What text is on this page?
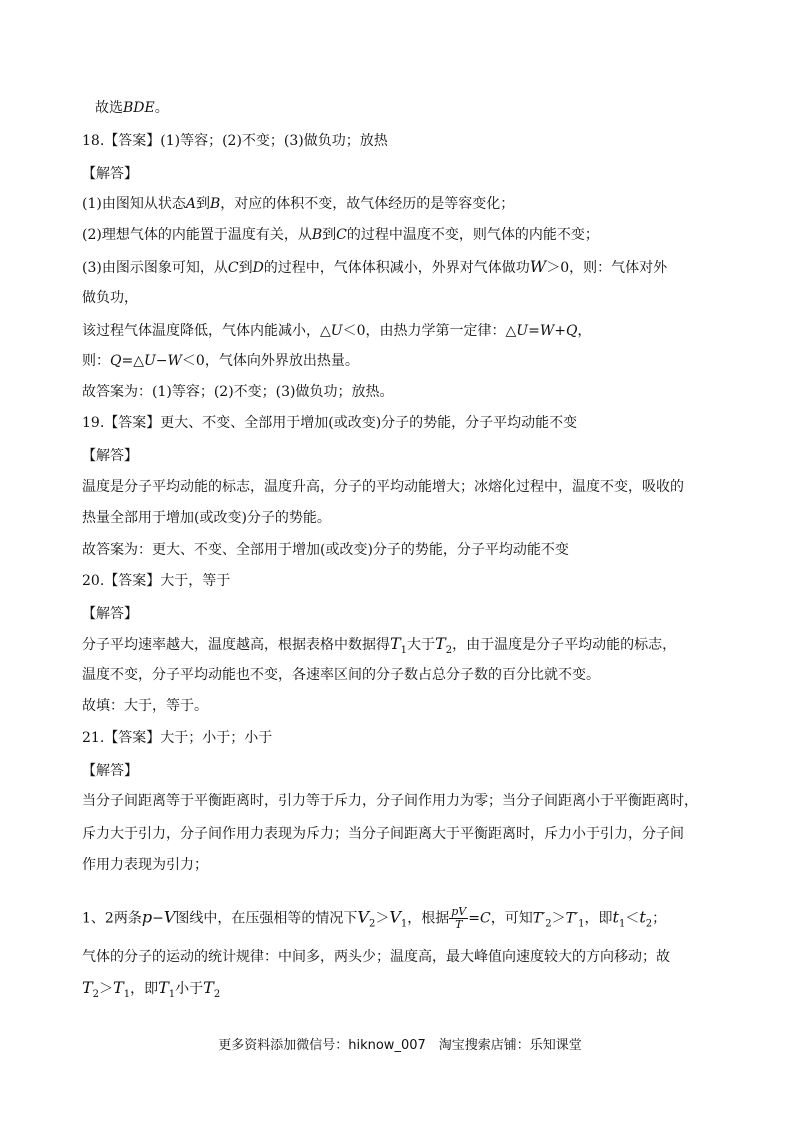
故选BDE。
18.【答案】(1)等容；(2)不变；(3)做负功；放热
【解答】
(1)由图知从状态A到B，对应的体积不变，故气体经历的是等容变化；
(2)理想气体的内能置于温度有关，从B到C的过程中温度不变，则气体的内能不变；
(3)由图示图象可知，从C到D的过程中，气体体积减小，外界对气体做功W＞0，则：气体对外
做负功，
该过程气体温度降低，气体内能减小，△U＜0，由热力学第一定律：△U=W+Q，
则：Q=△U−W＜0，气体向外界放出热量。
故答案为：(1)等容；(2)不变；(3)做负功；放热。
19.【答案】更大、不变、全部用于增加(或改变)分子的势能，分子平均动能不变
【解答】
温度是分子平均动能的标志，温度升高，分子的平均动能增大；冰熔化过程中，温度不变，吸收的
热量全部用于增加(或改变)分子的势能。
故答案为：更大、不变、全部用于增加(或改变)分子的势能，分子平均动能不变
20.【答案】大于，等于
【解答】
分子平均速率越大，温度越高，根据表格中数据得$T_1$大于$T_2$，由于温度是分子平均动能的标志，
温度不变，分子平均动能也不变，各速率区间的分子数占总分子数的百分比就不变。
故填：大于，等于。
21.【答案】大于；小于；小于
【解答】
当分子间距离等于平衡距离时，引力等于斥力，分子间作用力为零；当分子间距离小于平衡距离时，
斥力大于引力，分子间作用力表现为斥力；当分子间距离大于平衡距离时，斥力小于引力，分子间
作用力表现为引力；
1、2两条p−V图线中，在压强相等的情况下$V_2>V_1$，根据 $\frac{pV}{T} =C$，可知$T'_2>T'_1$，即$t_1<t_2$；
气体的分子的运动的统计规律：中间多，两头少；温度高，最大峰值向速度较大的方向移动；故
$T_2>T_1$，即$T_1$小于$T_2$
更多资料添加微信号：hiknow_007　淘宝搜索店铺：乐知课堂
